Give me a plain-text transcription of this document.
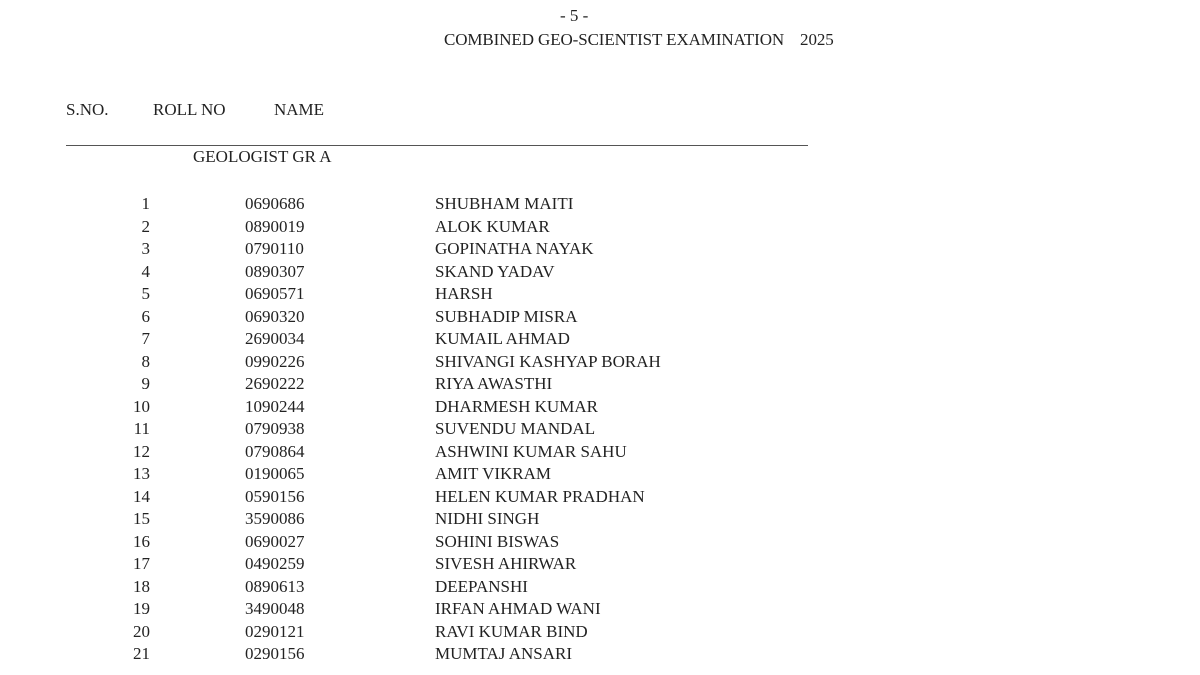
- 5 -
COMBINED GEO-SCIENTIST EXAMINATION 2025
S.NO.	ROLL NO	NAME
GEOLOGIST GR A
1	0690686	SHUBHAM MAITI
2	0890019	ALOK KUMAR
3	0790110	GOPINATHA NAYAK
4	0890307	SKAND YADAV
5	0690571	HARSH
6	0690320	SUBHADIP MISRA
7	2690034	KUMAIL AHMAD
8	0990226	SHIVANGI KASHYAP BORAH
9	2690222	RIYA AWASTHI
10	1090244	DHARMESH KUMAR
11	0790938	SUVENDU MANDAL
12	0790864	ASHWINI KUMAR SAHU
13	0190065	AMIT VIKRAM
14	0590156	HELEN KUMAR PRADHAN
15	3590086	NIDHI SINGH
16	0690027	SOHINI BISWAS
17	0490259	SIVESH AHIRWAR
18	0890613	DEEPANSHI
19	3490048	IRFAN AHMAD WANI
20	0290121	RAVI KUMAR BIND
21	0290156	MUMTAJ ANSARI
